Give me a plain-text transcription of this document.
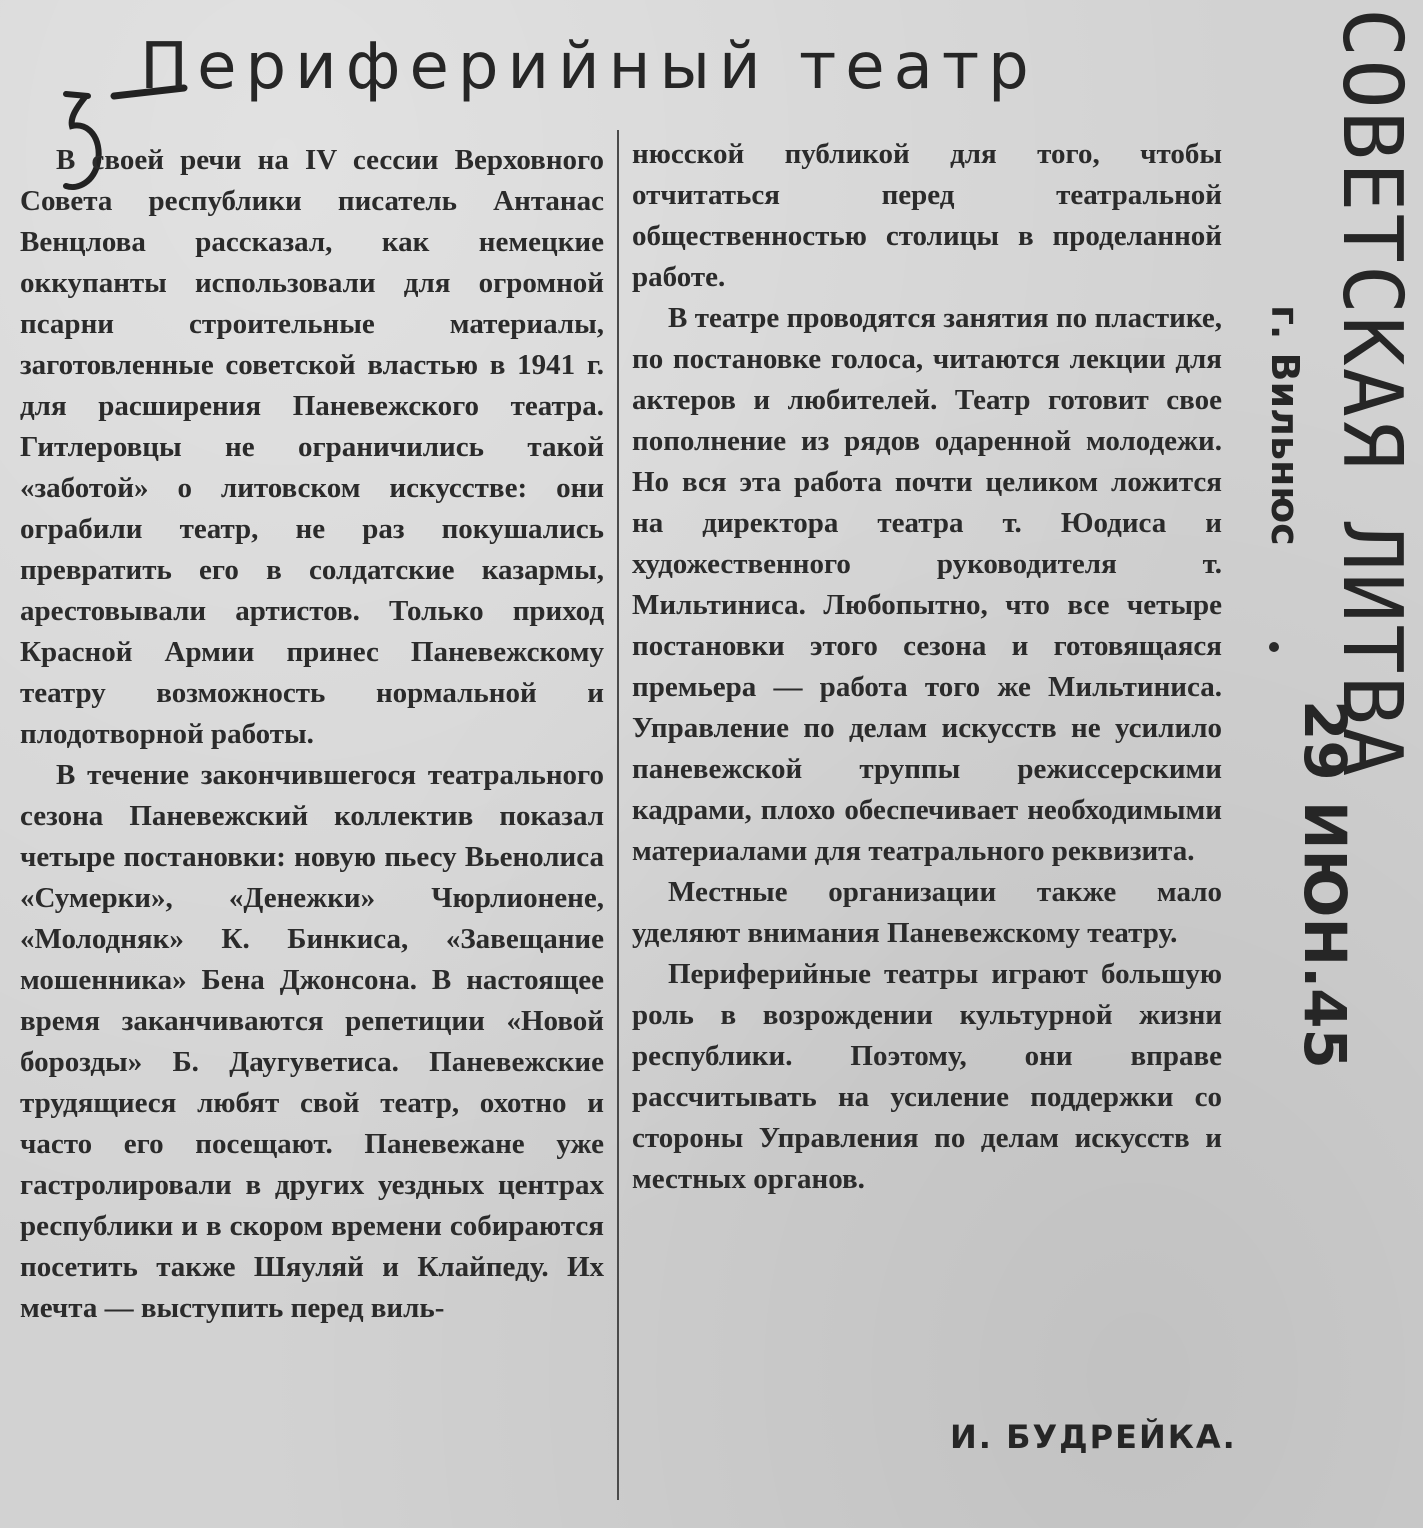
Периферийный театр

В своей речи на IV сессии Верховного Совета республики писатель Антанас Венцлова рассказал, как немецкие оккупанты использовали для огромной псарни строительные материалы, заготовленные советской властью в 1941 г. для расширения Паневежского театра. Гитлеровцы не ограничились такой «заботой» о литовском искусстве: они ограбили театр, не раз покушались превратить его в солдатские казармы, арестовывали артистов. Только приход Красной Армии принес Паневежскому театру возможность нормальной и плодотворной работы.

В течение закончившегося театрального сезона Паневежский коллектив показал четыре постановки: новую пьесу Вьенолиса «Сумерки», «Денежки» Чюрлионене, «Молодняк» К. Бинкиса, «Завещание мошенника» Бена Джонсона. В настоящее время заканчиваются репетиции «Новой борозды» Б. Даугуветиса. Паневежские трудящиеся любят свой театр, охотно и часто его посещают. Паневежане уже гастролировали в других уездных центрах республики и в скором времени собираются посетить также Шяуляй и Клайпеду. Их мечта — выступить перед виль-

нюсской публикой для того, чтобы отчитаться перед театральной общественностью столицы в проделанной работе.

В театре проводятся занятия по пластике, по постановке голоса, читаются лекции для актеров и любителей. Театр готовит свое пополнение из рядов одаренной молодежи. Но вся эта работа почти целиком ложится на директора театра т. Юодиса и художественного руководителя т. Мильтиниса. Любопытно, что все четыре постановки этого сезона и готовящаяся премьера — работа того же Мильтиниса. Управление по делам искусств не усилило паневежской труппы режиссерскими кадрами, плохо обеспечивает необходимыми материалами для театрального реквизита.

Местные организации также мало уделяют внимания Паневежскому театру.

Периферийные театры играют большую роль в возрождении культурной жизни республики. Поэтому, они вправе рассчитывать на усиление поддержки со стороны Управления по делам искусств и местных органов.

И. БУДРЕЙКА.
СОВЕТСКАЯ ЛИТВА
г. Вильнюс
29 ИЮН.45
